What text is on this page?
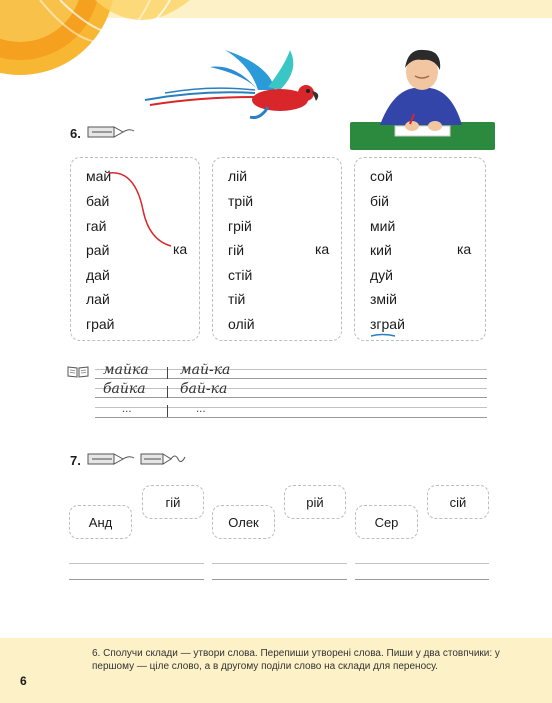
6.
май
бай
гай
рай
дай
лай
грай
ка
лій
трій
грій
гій
стій
тій
олій
ка
сой
бій
мий
кий
дуй
змій
зграй
ка
майка май-ка
байка бай-ка
...	...
7.
Анд
гій
Олек
рій
Сер
сій
6. Сполучи склади — утвори слова. Перепиши утворені слова. Пиши у два стовпчики: у першому — ціле слово, а в другому поділи слово на склади для переносу.
6
